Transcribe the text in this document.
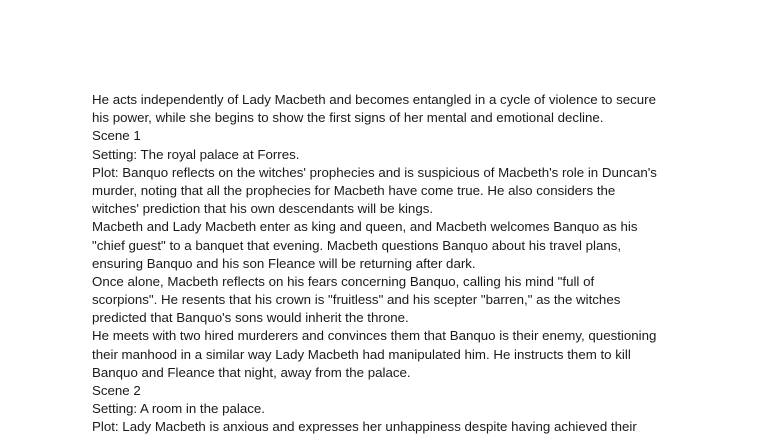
He acts independently of Lady Macbeth and becomes entangled in a cycle of violence to secure
his power, while she begins to show the first signs of her mental and emotional decline.
Scene 1
Setting: The royal palace at Forres.
Plot: Banquo reflects on the witches' prophecies and is suspicious of Macbeth's role in Duncan's
murder, noting that all the prophecies for Macbeth have come true. He also considers the
witches' prediction that his own descendants will be kings.
Macbeth and Lady Macbeth enter as king and queen, and Macbeth welcomes Banquo as his
"chief guest" to a banquet that evening. Macbeth questions Banquo about his travel plans,
ensuring Banquo and his son Fleance will be returning after dark.
Once alone, Macbeth reflects on his fears concerning Banquo, calling his mind "full of
scorpions". He resents that his crown is "fruitless" and his scepter "barren," as the witches
predicted that Banquo's sons would inherit the throne.
He meets with two hired murderers and convinces them that Banquo is their enemy, questioning
their manhood in a similar way Lady Macbeth had manipulated him. He instructs them to kill
Banquo and Fleance that night, away from the palace.
Scene 2
Setting: A room in the palace.
Plot: Lady Macbeth is anxious and expresses her unhappiness despite having achieved their
